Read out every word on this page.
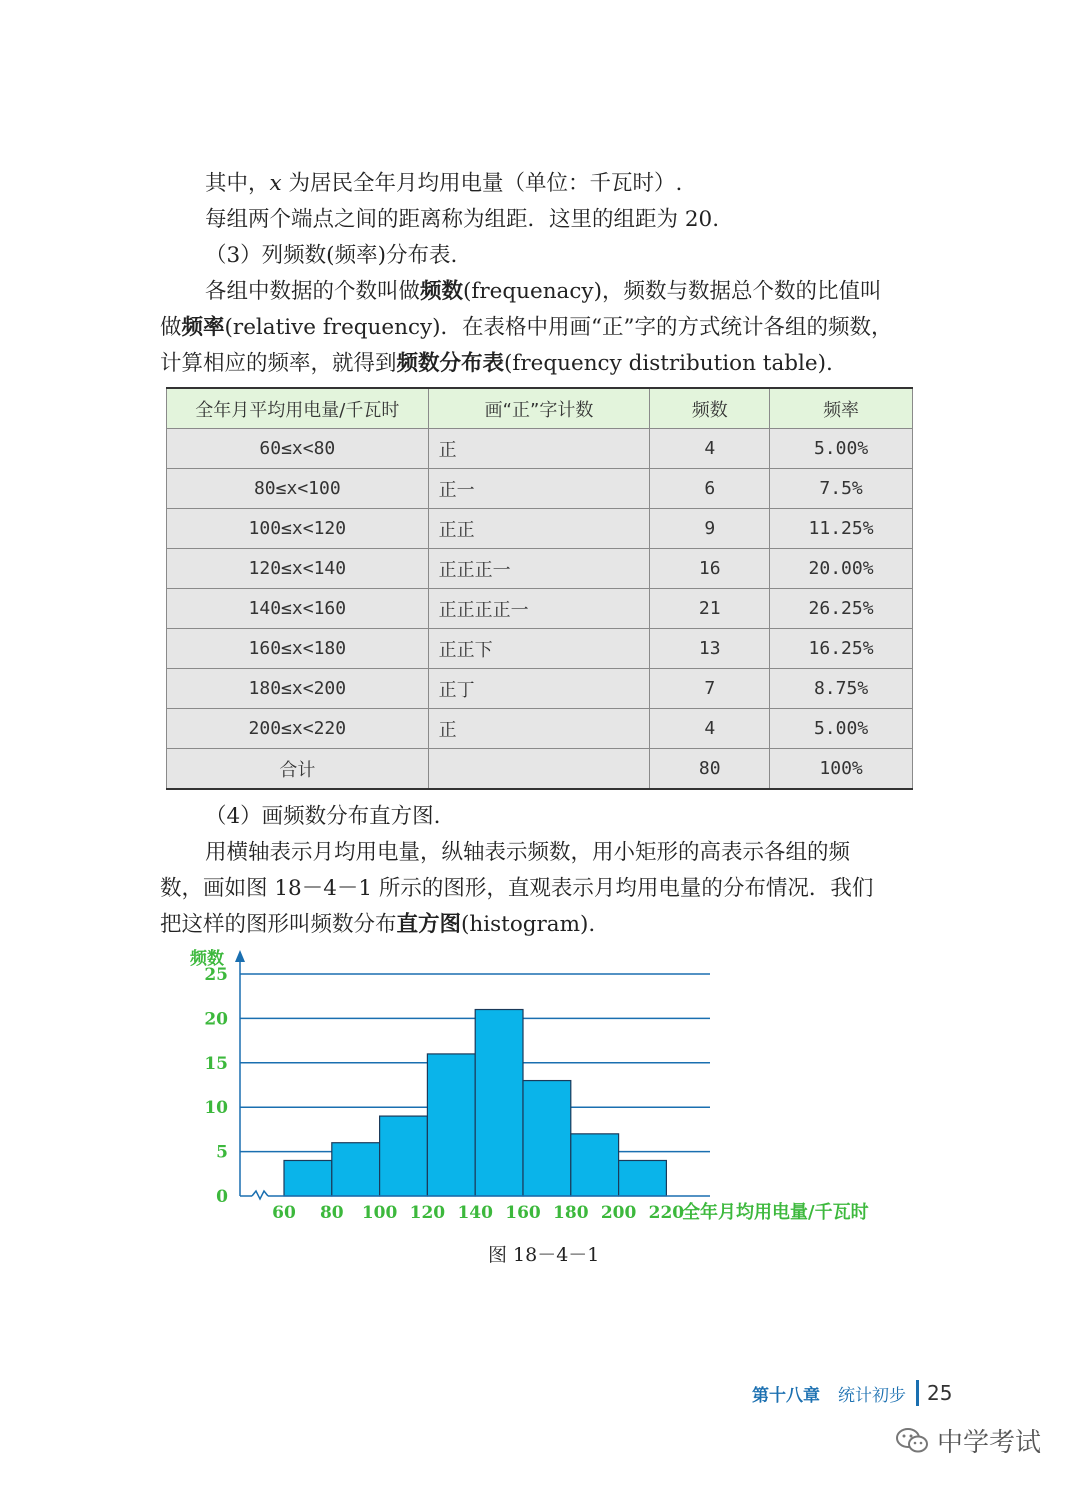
其中，x 为居民全年月均用电量（单位：千瓦时）.
每组两个端点之间的距离称为组距．这里的组距为 20.
（3）列频数(频率)分布表.
各组中数据的个数叫做频数(frequenacy)，频数与数据总个数的比值叫
做频率(relative frequency)．在表格中用画“正”字的方式统计各组的频数，
计算相应的频率，就得到频数分布表(frequency distribution table).
全年月平均用电量/千瓦时	画“正”字计数	频数	频率
60≤x<80	正	4	5.00%
80≤x<100	正一	6	7.5%
100≤x<120	正正	9	11.25%
120≤x<140	正正正一	16	20.00%
140≤x<160	正正正正一	21	26.25%
160≤x<180	正正下	13	16.25%
180≤x<200	正丁	7	8.75%
200≤x<220	正	4	5.00%
合计		80	100%
（4）画频数分布直方图.
用横轴表示月均用电量，纵轴表示频数，用小矩形的高表示各组的频
数，画如图 18－4－1 所示的图形，直观表示月均用电量的分布情况．我们
把这样的图形叫频数分布直方图(histogram).
0
5
10
15
20
25
60 80 100 120 140 160 180 200 220
频数
全年月均用电量/千瓦时
图 18－4－1
第十八章 统计初步 25
中学考试
